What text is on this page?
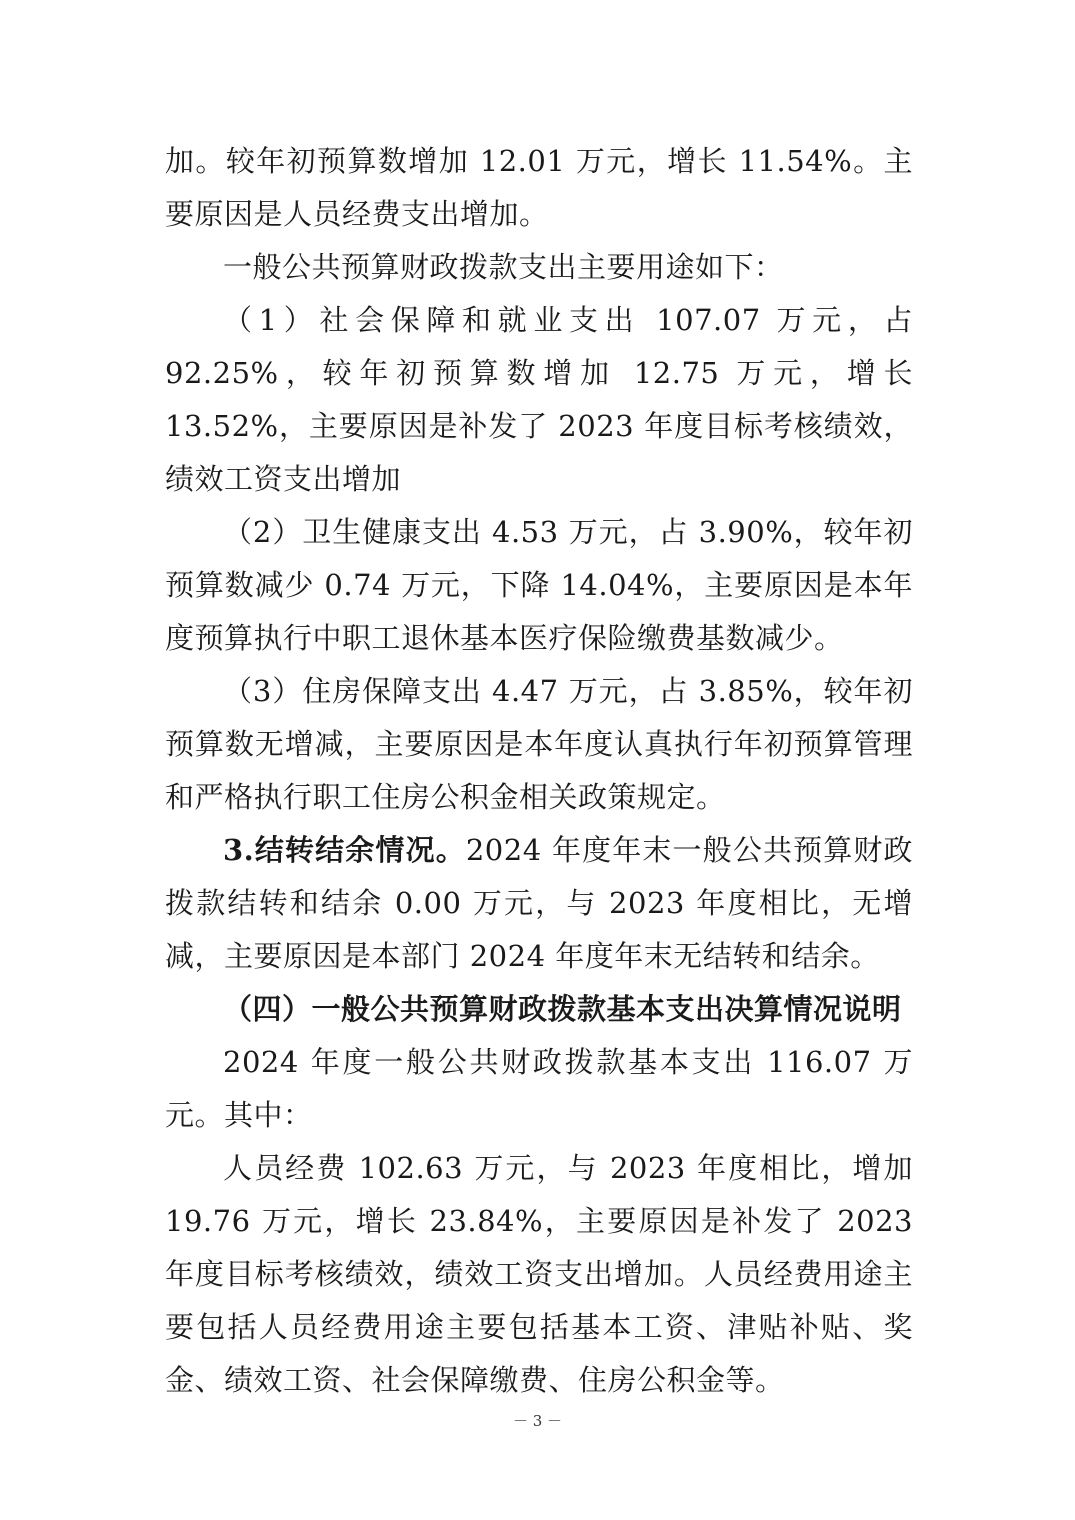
加。较年初预算数增加 12.01 万元，增长 11.54%。主要原因是人员经费支出增加。

一般公共预算财政拨款支出主要用途如下：

（1）社会保障和就业支出 107.07 万元，占 92.25%，较年初预算数增加 12.75 万元，增长 13.52%，主要原因是补发了 2023 年度目标考核绩效，绩效工资支出增加

（2）卫生健康支出 4.53 万元，占 3.90%，较年初预算数减少 0.74 万元，下降 14.04%，主要原因是本年度预算执行中职工退休基本医疗保险缴费基数减少。

（3）住房保障支出 4.47 万元，占 3.85%，较年初预算数无增减，主要原因是本年度认真执行年初预算管理和严格执行职工住房公积金相关政策规定。

3.结转结余情况。2024 年度年末一般公共预算财政拨款结转和结余 0.00 万元，与 2023 年度相比，无增减，主要原因是本部门 2024 年度年末无结转和结余。

（四）一般公共预算财政拨款基本支出决算情况说明

2024 年度一般公共财政拨款基本支出 116.07 万元。其中：

人员经费 102.63 万元，与 2023 年度相比，增加 19.76 万元，增长 23.84%，主要原因是补发了 2023 年度目标考核绩效，绩效工资支出增加。人员经费用途主要包括人员经费用途主要包括基本工资、津贴补贴、奖金、绩效工资、社会保障缴费、住房公积金等。

－ 3 －
